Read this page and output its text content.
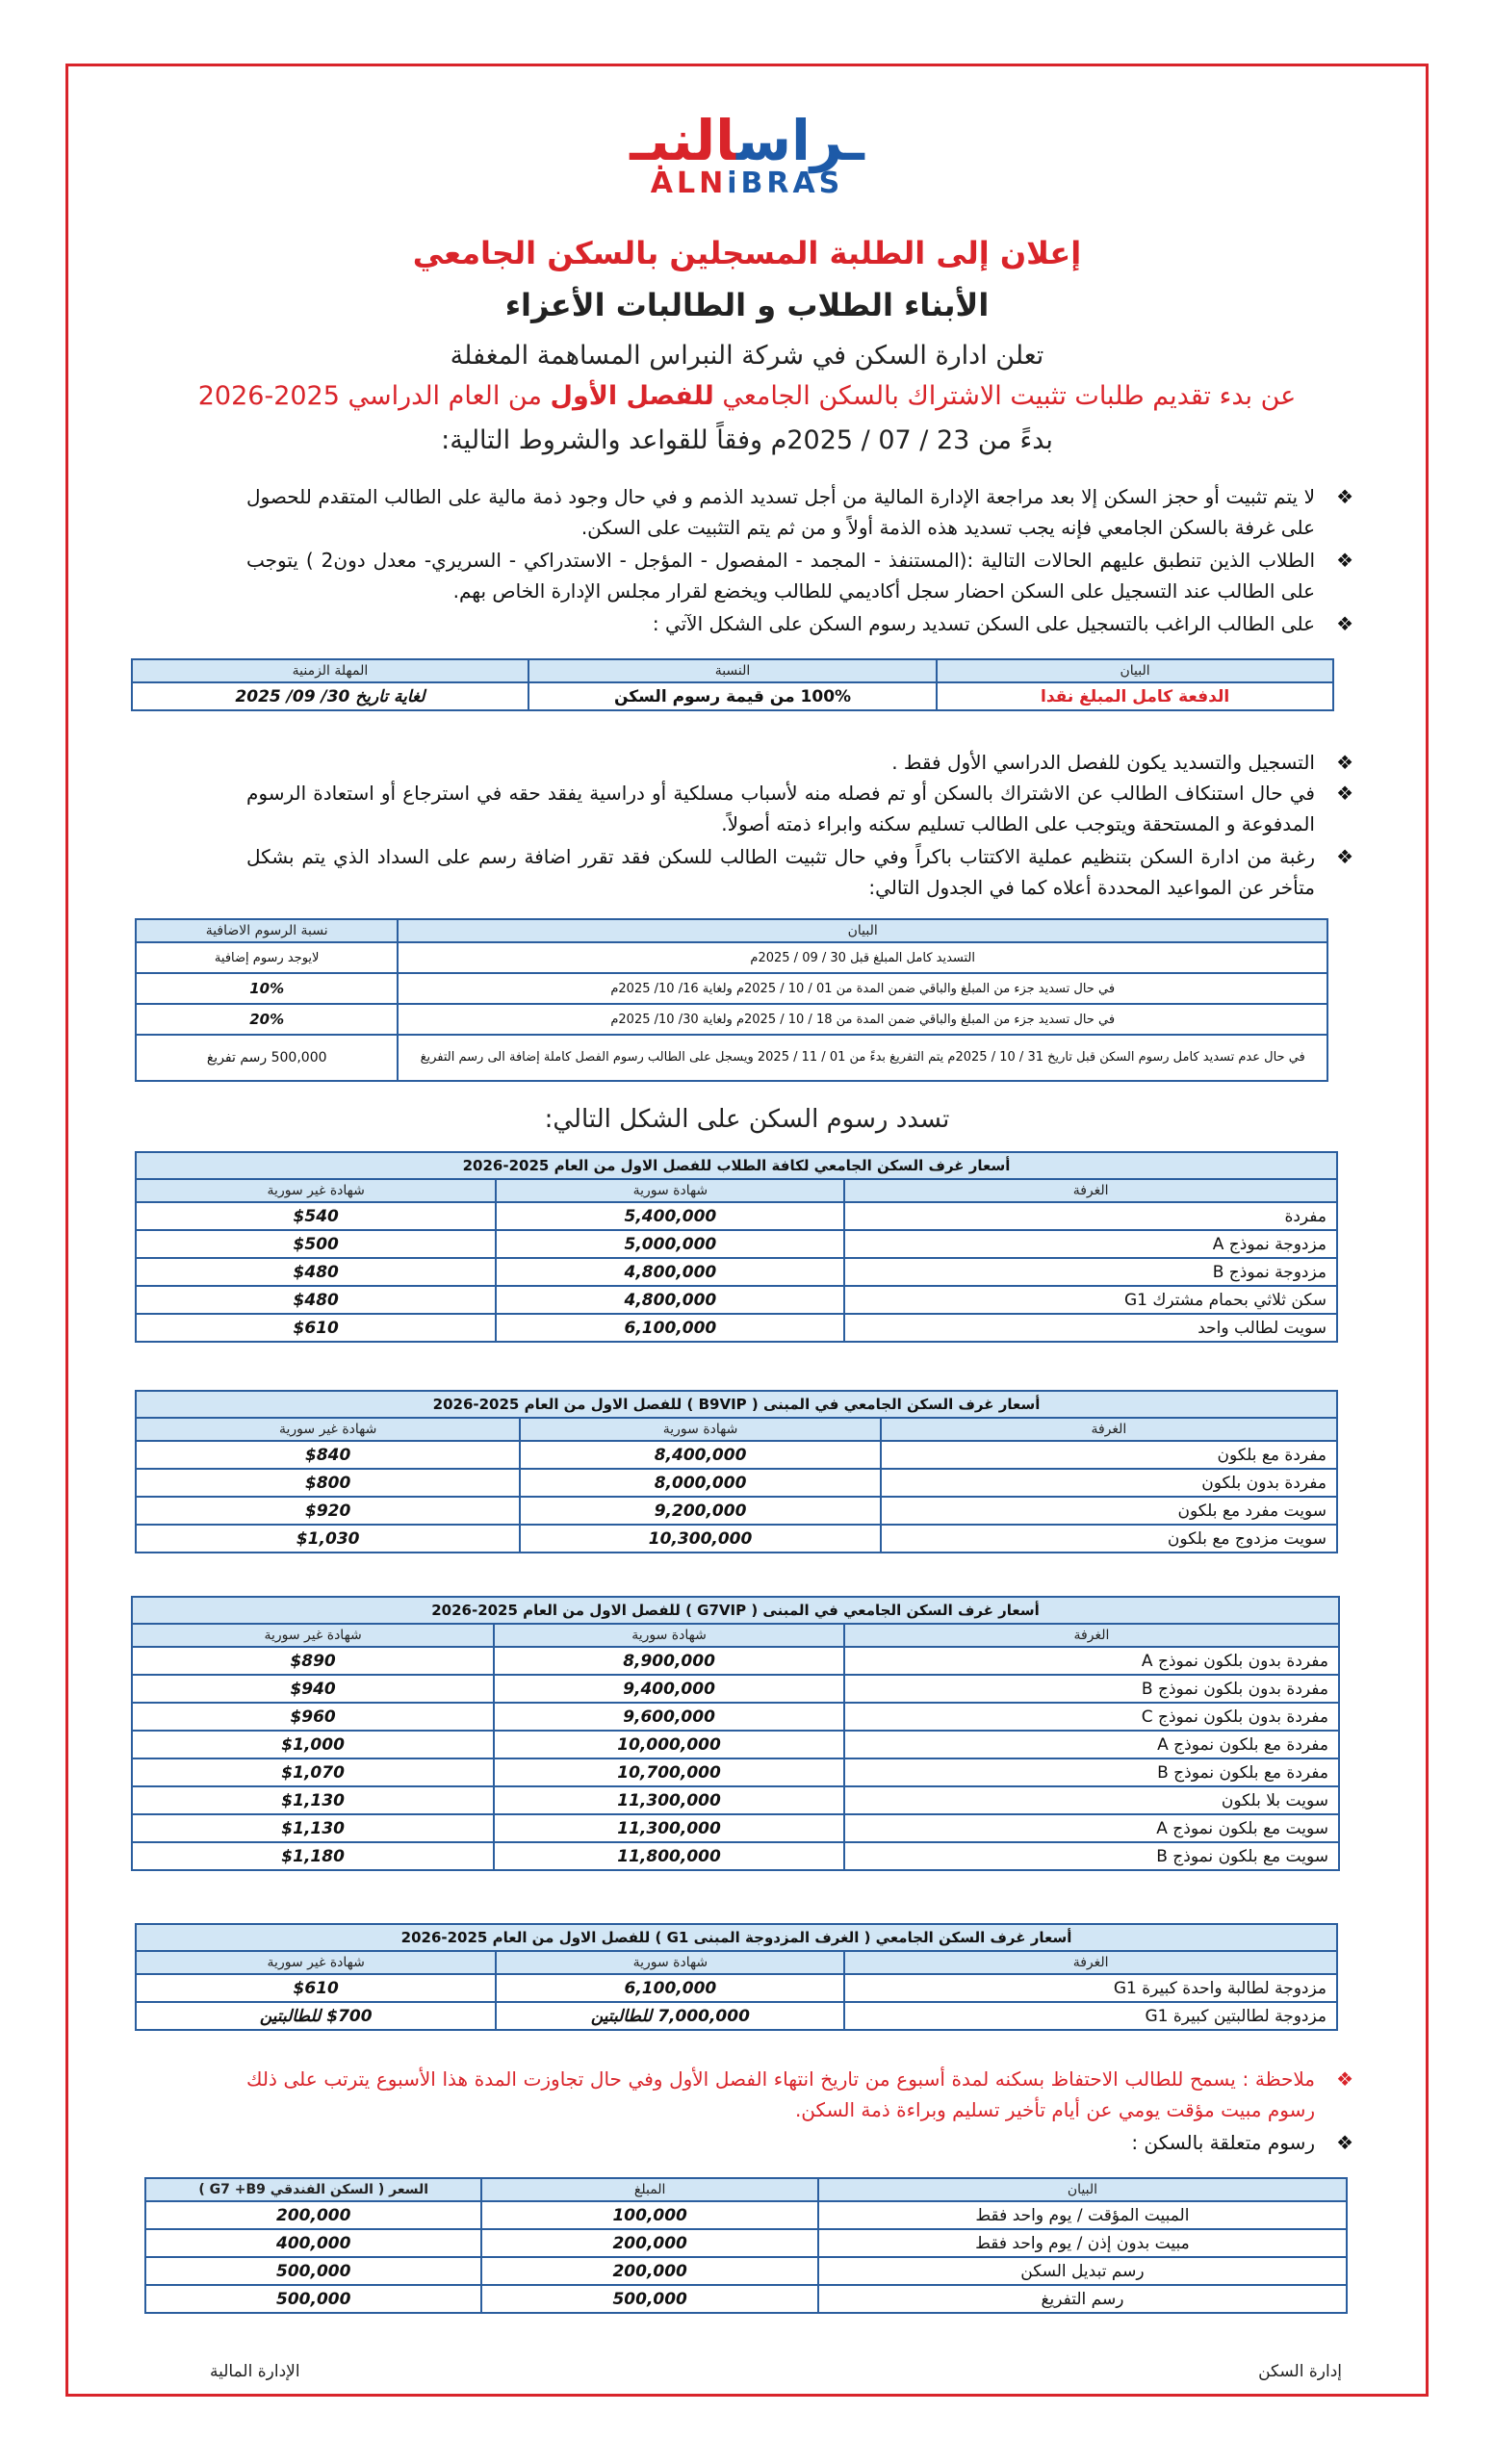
ـراسالنبـ
ALNiBRAS
إعلان إلى الطلبة المسجلين بالسكن الجامعي
الأبناء الطلاب و الطالبات الأعزاء
تعلن ادارة السكن في شركة النبراس المساهمة المغفلة
عن بدء تقديم طلبات تثبيت الاشتراك بالسكن الجامعي للفصل الأول من العام الدراسي 2025-2026
بدءً من 23 / 07 / 2025م وفقاً للقواعد والشروط التالية:
❖
لا يتم تثبيت أو حجز السكن إلا بعد مراجعة الإدارة المالية من أجل تسديد الذمم و في حال وجود ذمة مالية على الطالب المتقدم للحصول على غرفة بالسكن الجامعي فإنه يجب تسديد هذه الذمة أولاً و من ثم يتم التثبيت على السكن.
❖
الطلاب الذين تنطبق عليهم الحالات التالية :(المستنفذ - المجمد - المفصول - المؤجل - الاستدراكي - السريري- معدل دون2 ) يتوجب على الطالب عند التسجيل على السكن احضار سجل أكاديمي للطالب ويخضع لقرار مجلس الإدارة الخاص بهم.
❖
على الطالب الراغب بالتسجيل على السكن تسديد رسوم السكن على الشكل الآتي :
البيان	النسبة	المهلة الزمنية
الدفعة كامل المبلغ نقدا	100% من قيمة رسوم السكن	لغاية تاريخ 30/ 09/ 2025
❖
التسجيل والتسديد يكون للفصل الدراسي الأول فقط .
❖
في حال استنكاف الطالب عن الاشتراك بالسكن أو تم فصله منه لأسباب مسلكية أو دراسية يفقد حقه في استرجاع أو استعادة الرسوم المدفوعة و المستحقة ويتوجب على الطالب تسليم سكنه وابراء ذمته أصولاً.
❖
رغبة من ادارة السكن بتنظيم عملية الاكتتاب باكراً وفي حال تثبيت الطالب للسكن فقد تقرر اضافة رسم على السداد الذي يتم بشكل متأخر عن المواعيد المحددة أعلاه كما في الجدول التالي:
البيان	نسبة الرسوم الاضافية
التسديد كامل المبلغ قبل 30 / 09 / 2025م	لايوجد رسوم إضافية
في حال تسديد جزء من المبلغ والباقي ضمن المدة من 01 / 10 / 2025م ولغاية 16/ 10/ 2025م	10%
في حال تسديد جزء من المبلغ والباقي ضمن المدة من 18 / 10 / 2025م ولغاية 30/ 10/ 2025م	20%
في حال عدم تسديد كامل رسوم السكن قبل تاريخ 31 / 10 / 2025م يتم التفريغ بدءً من 01 / 11 / 2025 ويسجل على الطالب رسوم الفصل كاملة إضافة الى رسم التفريغ	500,000 رسم تفريغ
تسدد رسوم السكن على الشكل التالي:
أسعار غرف السكن الجامعي لكافة الطلاب للفصل الاول من العام 2025-2026		
الغرفة	شهادة سورية	شهادة غير سورية
مفردة	5,400,000	$540
مزدوجة نموذج A	5,000,000	$500
مزدوجة نموذج B	4,800,000	$480
سكن ثلاثي بحمام مشترك G1	4,800,000	$480
سويت لطالب واحد	6,100,000	$610
أسعار غرف السكن الجامعي في المبنى ( B9VIP ) للفصل الاول من العام 2025-2026		
الغرفة	شهادة سورية	شهادة غير سورية
مفردة مع بلكون	8,400,000	$840
مفردة بدون بلكون	8,000,000	$800
سويت مفرد مع بلكون	9,200,000	$920
سويت مزدوج مع بلكون	10,300,000	$1,030
أسعار غرف السكن الجامعي في المبنى ( G7VIP ) للفصل الاول من العام 2025-2026		
الغرفة	شهادة سورية	شهادة غير سورية
مفردة بدون بلكون نموذج A	8,900,000	$890
مفردة بدون بلكون نموذج B	9,400,000	$940
مفردة بدون بلكون نموذج C	9,600,000	$960
مفردة مع بلكون نموذج A	10,000,000	$1,000
مفردة مع بلكون نموذج B	10,700,000	$1,070
سويت بلا بلكون	11,300,000	$1,130
سويت مع بلكون نموذج A	11,300,000	$1,130
سويت مع بلكون نموذج B	11,800,000	$1,180
أسعار غرف السكن الجامعي ( الغرف المزدوجة المبنى G1 ) للفصل الاول من العام 2025-2026		
الغرفة	شهادة سورية	شهادة غير سورية
مزدوجة لطالبة واحدة كبيرة G1	6,100,000	$610
مزدوجة لطالبتين كبيرة G1	7,000,000 للطالبتين	$700 للطالبتين
❖
ملاحظة : يسمح للطالب الاحتفاظ بسكنه لمدة أسبوع من تاريخ انتهاء الفصل الأول وفي حال تجاوزت المدة هذا الأسبوع يترتب على ذلك رسوم مبيت مؤقت يومي عن أيام تأخير تسليم وبراءة ذمة السكن.
❖
رسوم متعلقة بالسكن :
البيان	المبلغ	السعر ( السكن الفندقي G7 +B9 )
المبيت المؤقت / يوم واحد فقط	100,000	200,000
مبيت بدون إذن / يوم واحد فقط	200,000	400,000
رسم تبديل السكن	200,000	500,000
رسم التفريغ	500,000	500,000
إدارة السكن
الإدارة المالية
